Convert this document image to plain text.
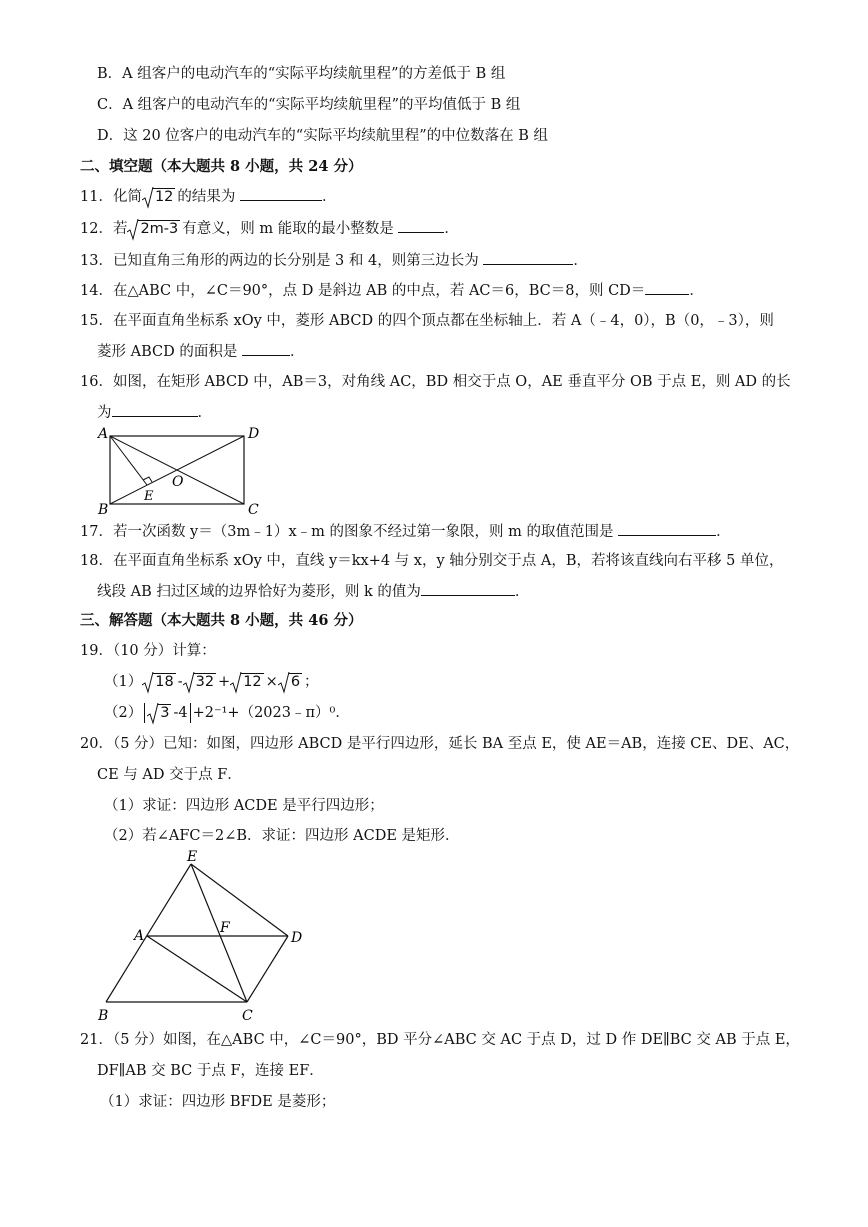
B．A 组客户的电动汽车的“实际平均续航里程”的方差低于 B 组
C．A 组客户的电动汽车的“实际平均续航里程”的平均值低于 B 组
D．这 20 位客户的电动汽车的“实际平均续航里程”的中位数落在 B 组
二、填空题（本大题共 8 小题，共 24 分）
11．化简 12 的结果为	．
12．若 2m-3 有意义，则 m 能取的最小整数是	．
13．已知直角三角形的两边的长分别是 3 和 4，则第三边长为	．
14．在△ABC 中，∠C＝90°，点 D 是斜边 AB 的中点，若 AC＝6，BC＝8，则 CD＝	．
15．在平面直角坐标系 xOy 中，菱形 ABCD 的四个顶点都在坐标轴上．若 A（﹣4，0），B（0，﹣3），则
菱形 ABCD 的面积是	．
16．如图，在矩形 ABCD 中，AB＝3，对角线 AC，BD 相交于点 O，AE 垂直平分 OB 于点 E，则 AD 的长
为	．
A	D
B	C
O
E
17．若一次函数 y＝（3m﹣1）x﹣m 的图象不经过第一象限，则 m 的取值范围是	．
18．在平面直角坐标系 xOy 中，直线 y＝kx+4 与 x，y 轴分别交于点 A，B，若将该直线向右平移 5 单位，
线段 AB 扫过区域的边界恰好为菱形，则 k 的值为	．
三、解答题（本大题共 8 小题，共 46 分）
19．（10 分）计算：
（1） 18 - 32 + 12 × 6 ；
（2） 3 -4 +2⁻¹+（2023﹣π）⁰．
20．（5 分）已知：如图，四边形 ABCD 是平行四边形，延长 BA 至点 E，使 AE＝AB，连接 CE、DE、AC，
CE 与 AD 交于点 F．
（1）求证：四边形 ACDE 是平行四边形；
（2）若∠AFC＝2∠B．求证：四边形 ACDE 是矩形．
E
A	F
D
B	C
21．（5 分）如图，在△ABC 中，∠C＝90°，BD 平分∠ABC 交 AC 于点 D，过 D 作 DE∥BC 交 AB 于点 E，
DF∥AB 交 BC 于点 F，连接 EF．
（1）求证：四边形 BFDE 是菱形；
